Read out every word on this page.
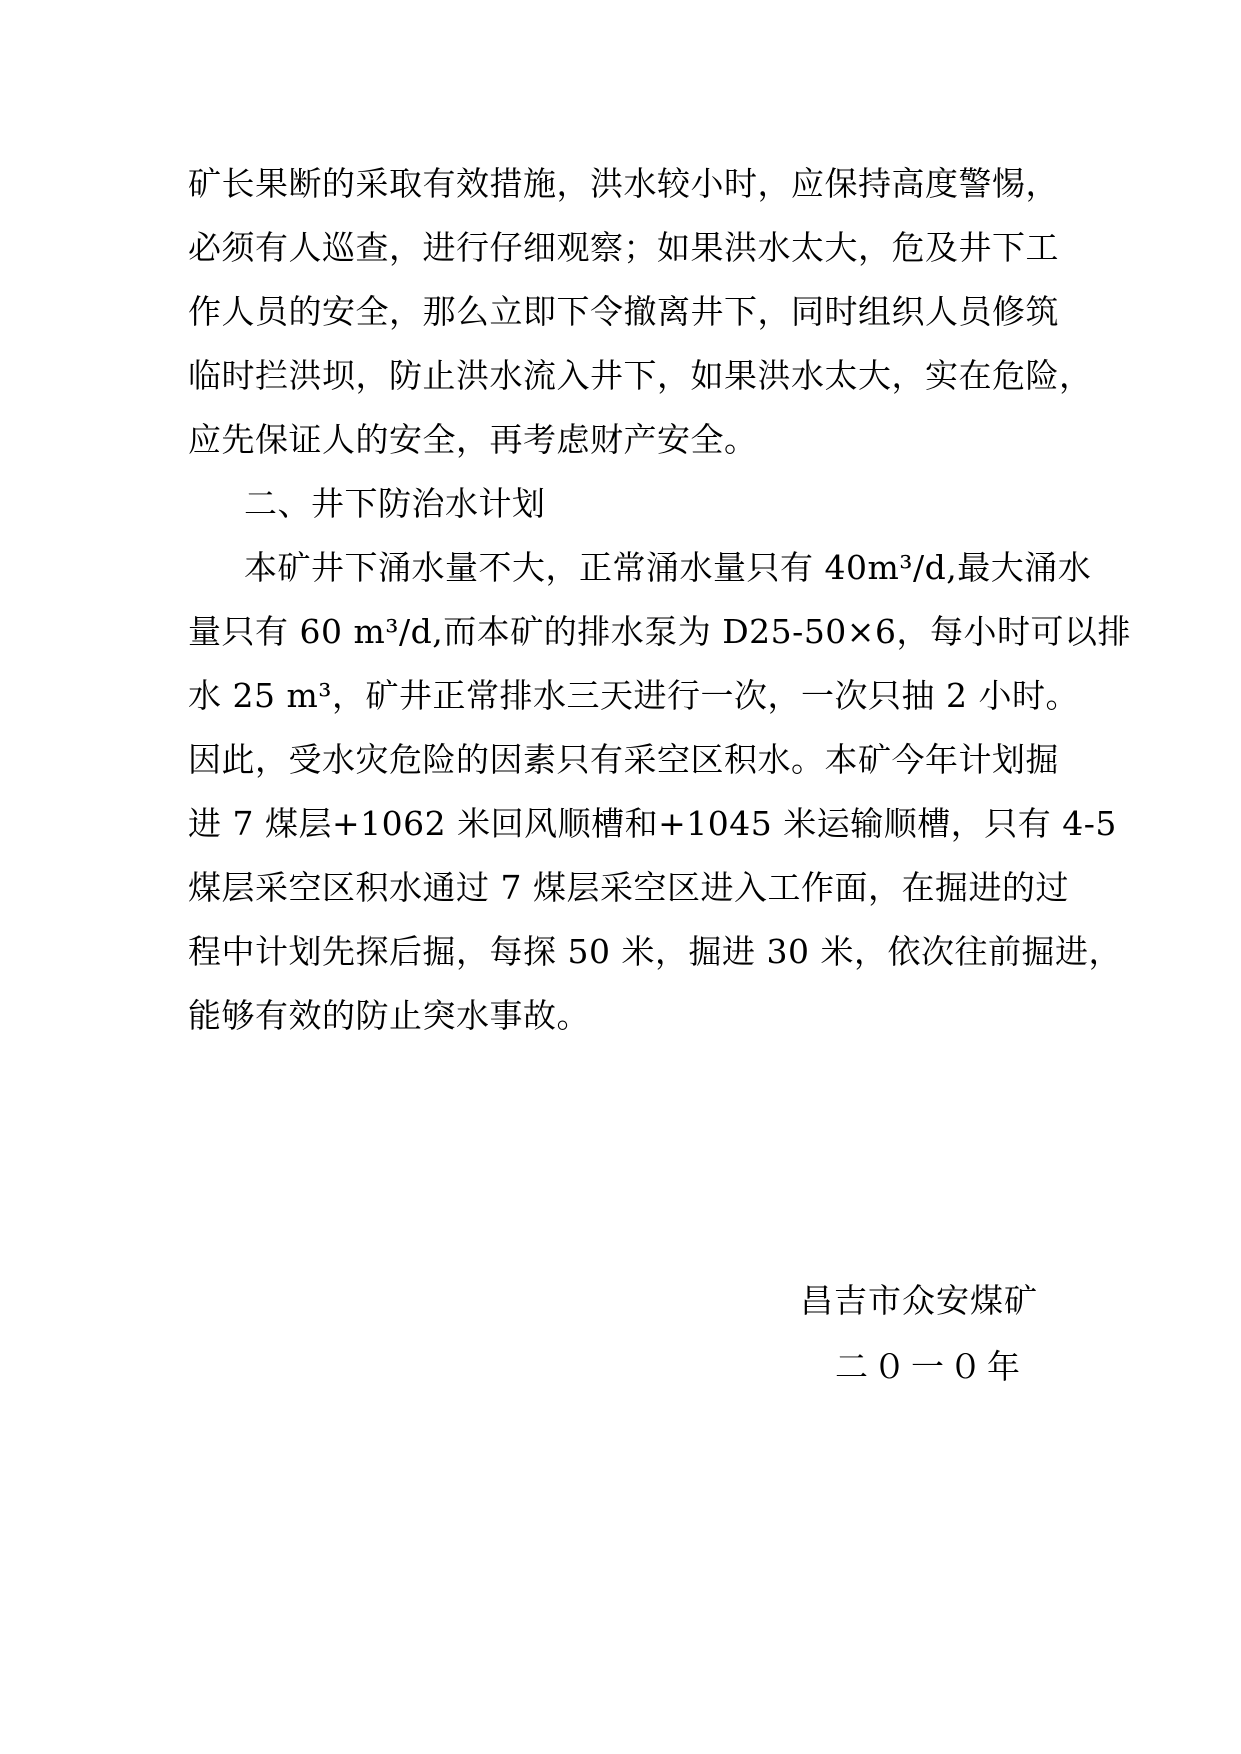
矿长果断的采取有效措施，洪水较小时，应保持高度警惕，
必须有人巡查，进行仔细观察；如果洪水太大，危及井下工
作人员的安全，那么立即下令撤离井下，同时组织人员修筑
临时拦洪坝，防止洪水流入井下，如果洪水太大，实在危险，
应先保证人的安全，再考虑财产安全。
二、井下防治水计划
本矿井下涌水量不大，正常涌水量只有 40m³/d,最大涌水
量只有 60 m³/d,而本矿的排水泵为 D25-50×6，每小时可以排
水 25 m³，矿井正常排水三天进行一次，一次只抽 2 小时。
因此，受水灾危险的因素只有采空区积水。本矿今年计划掘
进 7 煤层+1062 米回风顺槽和+1045 米运输顺槽，只有 4-5
煤层采空区积水通过 7 煤层采空区进入工作面，在掘进的过
程中计划先探后掘，每探 50 米，掘进 30 米，依次往前掘进，
能够有效的防止突水事故。
昌吉市众安煤矿
二０一０年
